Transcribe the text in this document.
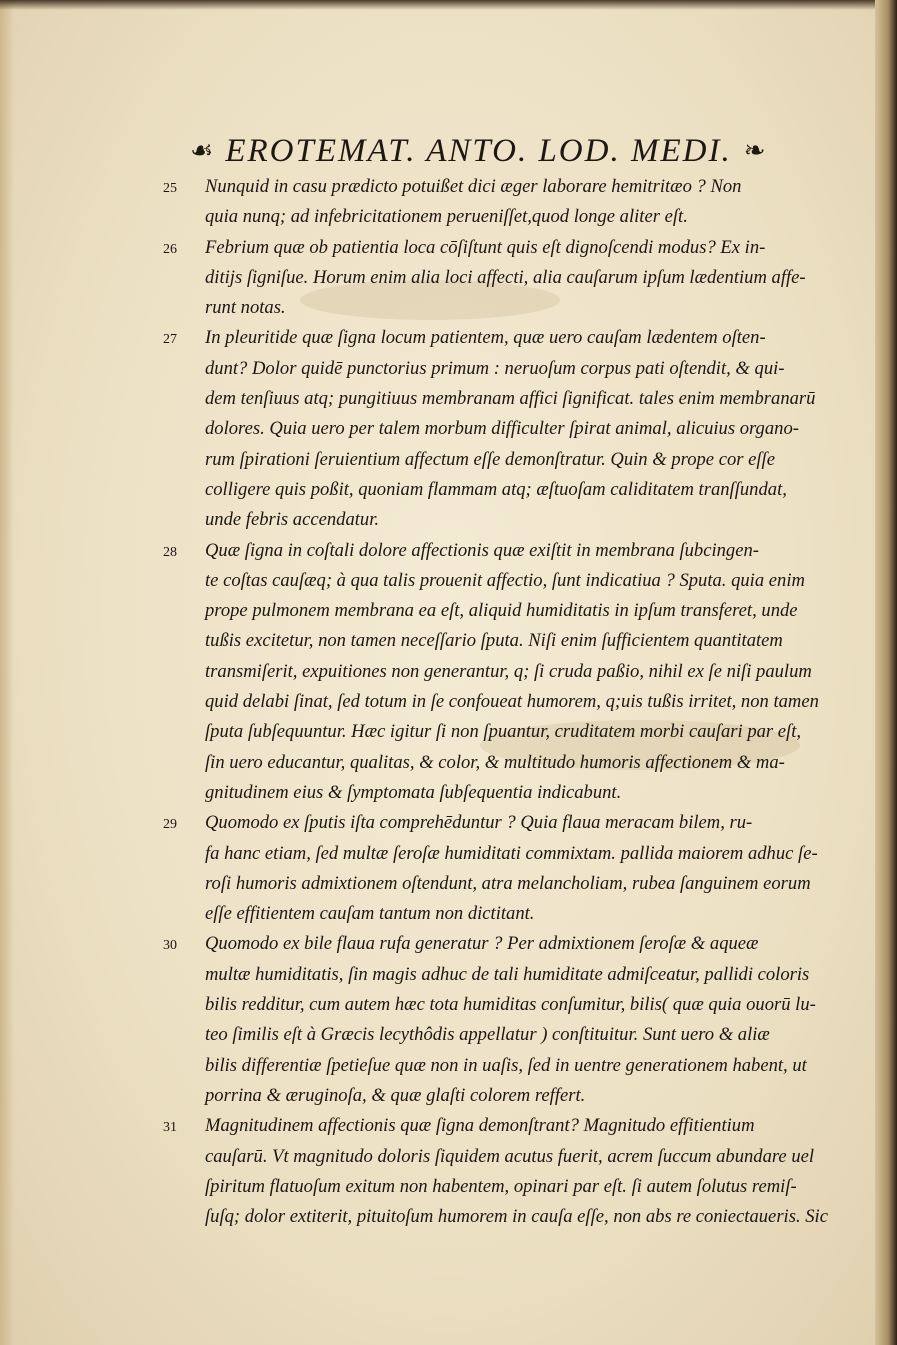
☙ EROTEMAT. ANTO. LOD. MEDI. ❧
25 Nunquid in casu prædicto potuißet dici æger laborare hemitritæo ? Non
quia nunq; ad infebricitationem perueniſſet,quod longe aliter eſt.
26 Febrium quæ ob patientia loca cōſiſtunt quis eſt dignoſcendi modus? Ex in-
ditijs ſigniſue. Horum enim alia loci affecti, alia cauſarum ipſum lædentium affe-
runt notas.
27 In pleuritide quæ ſigna locum patientem, quæ uero cauſam lædentem oſten-
dunt? Dolor quidē punctorius primum : neruoſum corpus pati oſtendit, & qui-
dem tenſiuus atq; pungitiuus membranam affici ſignificat. tales enim membranarū
dolores. Quia uero per talem morbum difficulter ſpirat animal, alicuius organo-
rum ſpirationi ſeruientium affectum eſſe demonſtratur. Quin & prope cor eſſe
colligere quis poßit, quoniam flammam atq; æſtuoſam caliditatem tranſſundat,
unde febris accendatur.
28 Quæ ſigna in coſtali dolore affectionis quæ exiſtit in membrana ſubcingen-
te coſtas cauſæq; à qua talis prouenit affectio, ſunt indicatiua ? Sputa. quia enim
prope pulmonem membrana ea eſt, aliquid humiditatis in ipſum transferet, unde
tußis excitetur, non tamen neceſſario ſputa. Niſi enim ſufficientem quantitatem
transmiſerit, expuitiones non generantur, q; ſi cruda paßio, nihil ex ſe niſi paulum
quid delabi ſinat, ſed totum in ſe confoueat humorem, q;uis tußis irritet, non tamen
ſputa ſubſequuntur. Hæc igitur ſi non ſpuantur, cruditatem morbi cauſari par eſt,
ſin uero educantur, qualitas, & color, & multitudo humoris affectionem & ma-
gnitudinem eius & ſymptomata ſubſequentia indicabunt.
29 Quomodo ex ſputis iſta comprehēduntur ? Quia flaua meracam bilem, ru-
fa hanc etiam, ſed multæ ſeroſæ humiditati commixtam. pallida maiorem adhuc ſe-
roſi humoris admixtionem oſtendunt, atra melancholiam, rubea ſanguinem eorum
eſſe effitientem cauſam tantum non dictitant.
30 Quomodo ex bile flaua rufa generatur ? Per admixtionem ſeroſæ & aqueæ
multæ humiditatis, ſin magis adhuc de tali humiditate admiſceatur, pallidi coloris
bilis redditur, cum autem hæc tota humiditas conſumitur, bilis( quæ quia ouorū lu-
teo ſimilis eſt à Græcis lecythôdis appellatur ) conſtituitur. Sunt uero & aliæ
bilis differentiæ ſpetieſue quæ non in uaſis, ſed in uentre generationem habent, ut
porrina & æruginoſa, & quæ glaſti colorem reffert.
31 Magnitudinem affectionis quæ ſigna demonſtrant? Magnitudo effitientium
cauſarū. Vt magnitudo doloris ſiquidem acutus fuerit, acrem ſuccum abundare uel
ſpiritum flatuoſum exitum non habentem, opinari par eſt. ſi autem ſolutus remiſ-
ſuſq; dolor extiterit, pituitoſum humorem in cauſa eſſe, non abs re coniectaueris. Sic
